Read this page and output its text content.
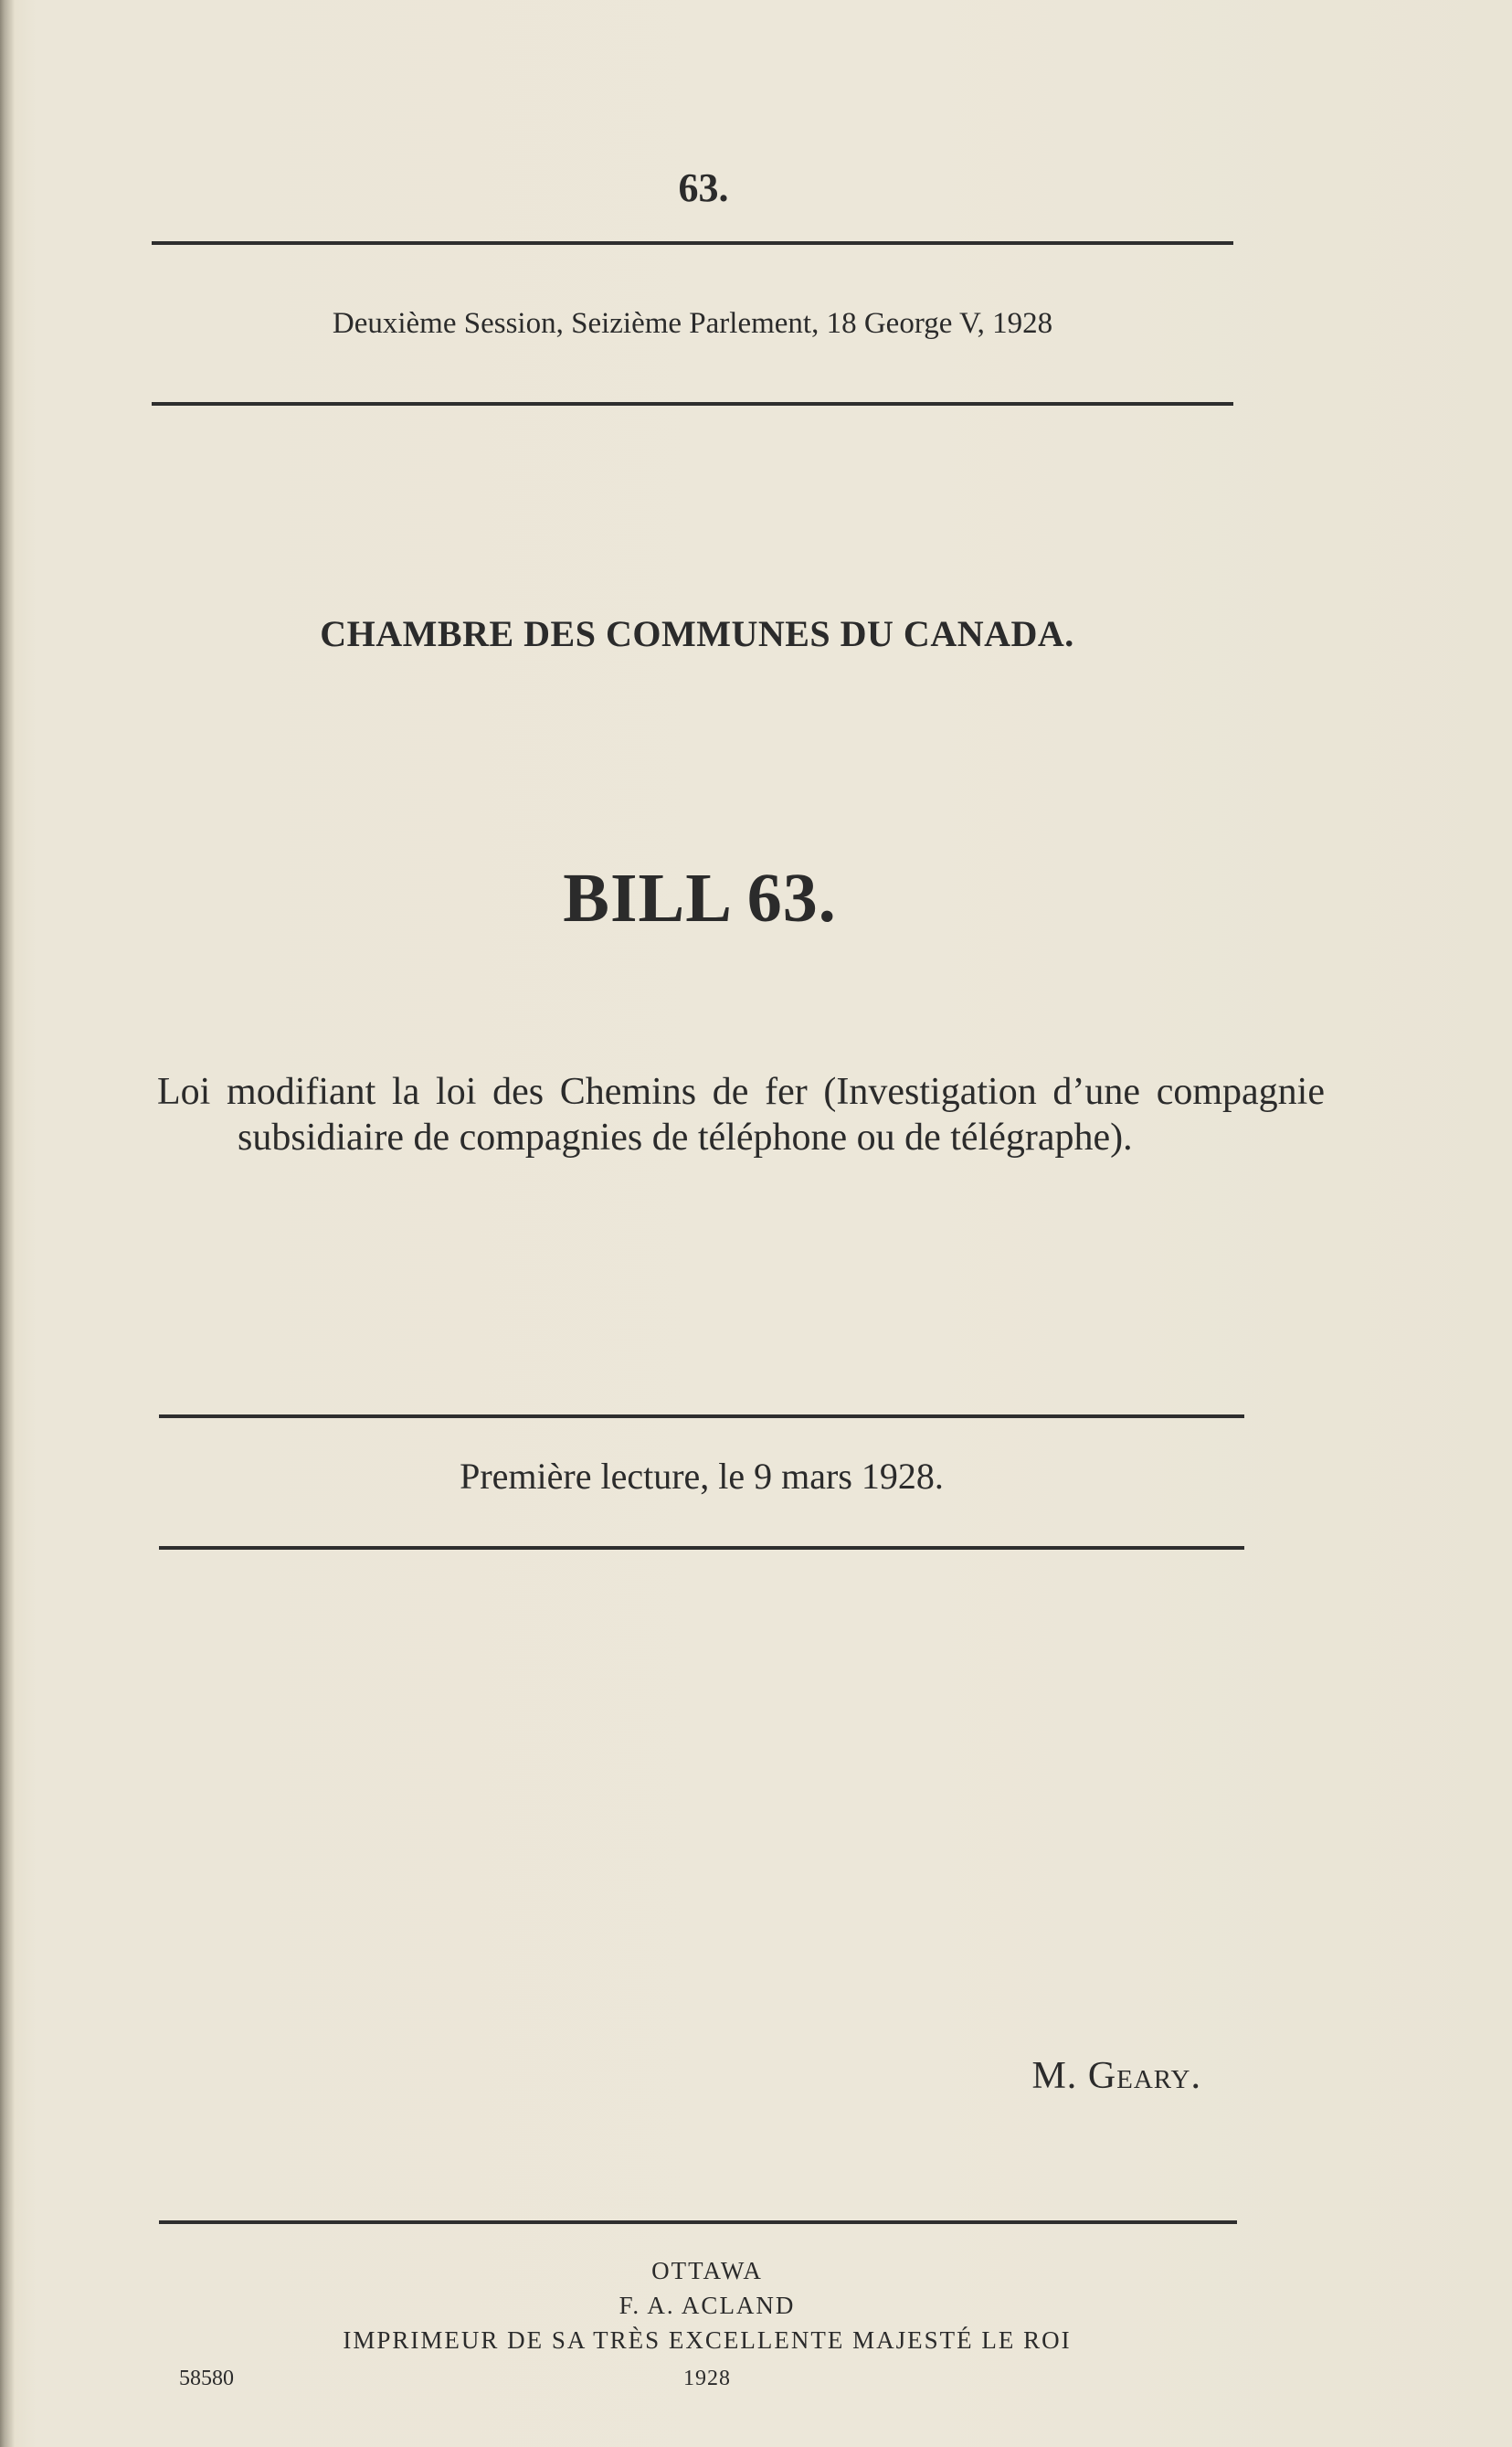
63.
Deuxième Session, Seizième Parlement, 18 George V, 1928
CHAMBRE DES COMMUNES DU CANADA.
BILL 63.
Loi modifiant la loi des Chemins de fer (Investigation d’une compagnie subsidiaire de compagnies de téléphone ou de télégraphe).
Première lecture, le 9 mars 1928.
M. Geary.
OTTAWA
F. A. ACLAND
IMPRIMEUR DE SA TRÈS EXCELLENTE MAJESTÉ LE ROI
1928
58580
